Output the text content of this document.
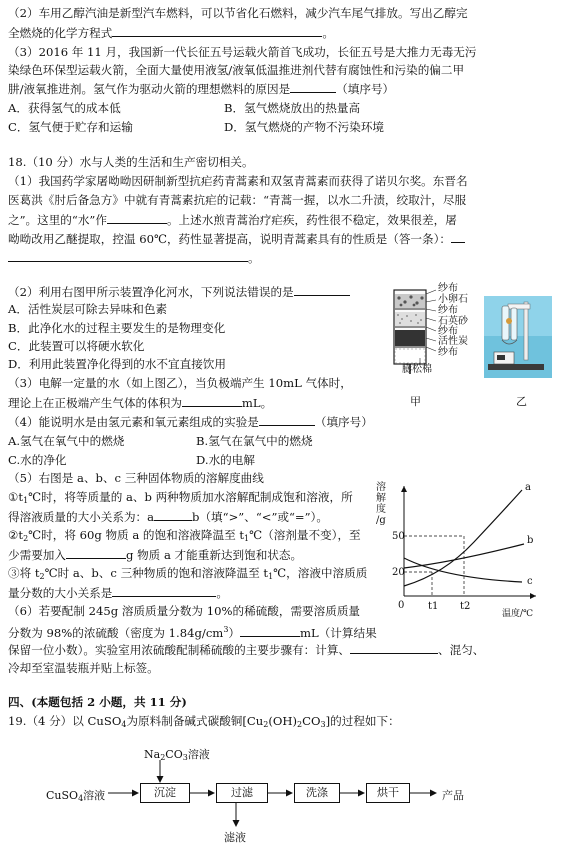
（2）车用乙醇汽油是新型汽车燃料，可以节省化石燃料，减少汽车尾气排放。写出乙醇完
全燃烧的化学方程式	。
（3）2016 年 11 月，我国新一代长征五号运载火箭首飞成功，长征五号是大推力无毒无污
染绿色环保型运载火箭，全面大量使用液氢/液氧低温推进剂代替有腐蚀性和污染的偏二甲
肼/液氧推进剂。氢气作为驱动火箭的理想燃料的原因是	（填序号）
A．获得氢气的成本低	B．氢气燃烧放出的热量高
C．氢气便于贮存和运输	D．氢气燃烧的产物不污染环境
18.（10 分）水与人类的生活和生产密切相关。
（1）我国药学家屠呦呦因研制新型抗疟药青蒿素和双氢青蒿素而获得了诺贝尔奖。东晋名
医葛洪《肘后备急方》中就有青蒿素抗疟的记载：“青蒿一握，以水二升渍，绞取汁，尽服
之”。这里的“水”作	。上述水煎青蒿治疗疟疾，药性很不稳定，效果很差，屠
呦呦改用乙醚提取，控温 60℃，药性显著提高，说明青蒿素具有的性质是（答一条）：
。
（2）利用右图甲所示装置净化河水，下列说法错误的是
A．活性炭层可除去异味和色素
B．此净化水的过程主要发生的是物理变化
C．此装置可以将硬水软化
D．利用此装置净化得到的水不宜直接饮用
（3）电解一定量的水（如上图乙），当负极端产生 10mL 气体时，
理论上在正极端产生气体的体积为	mL。
（4）能说明水是由氢元素和氧元素组成的实验是	（填序号）
A.氢气在氧气中的燃烧	B.氢气在氯气中的燃烧
C.水的净化	D.水的电解
（5）右图是 a、b、c 三种固体物质的溶解度曲线
$①t_1℃$时，将等质量的 a、b 两种物质加水溶解配制成饱和溶液，所
得溶液质量的大小关系为：a	b（填“>”、“<”或“=”）。
$②t_2℃$时，将 60g 物质 a 的饱和溶液降温至 $t_1℃$（溶剂量不变），至
少需要加入	g 物质 a 才能重新达到饱和状态。
③将 $t_2℃$时 a、b、c 三种物质的饱和溶液降温至 $t_1℃$，溶液中溶质质
量分数的大小关系是	。
（6）若要配制 245g 溶质质量分数为 10%的稀硫酸，需要溶质质量
分数为 98%的浓硫酸（密度为 $1.84g/cm^3$）	mL（计算结果
保留一位小数）。实验室用浓硫酸配制稀硫酸的主要步骤有：计算、	、混匀、
冷却至室温装瓶并贴上标签。
纱布
小卵石
纱布
石英砂
纱布
活性炭
纱布
膨松棉
甲	乙
溶
解
度
/g
50
20
0 t1 t2
温度/℃
a
b
c
四、(本题包括 2 小题，共 11 分)
19.（4 分）以 CuSO$_4$为原料制备碱式碳酸铜$[Cu_2(OH)_2CO_3]$的过程如下：
$Na_2CO_3$溶液
CuSO$_4$溶液	沉淀	过滤	洗涤	烘干	产品
滤液
